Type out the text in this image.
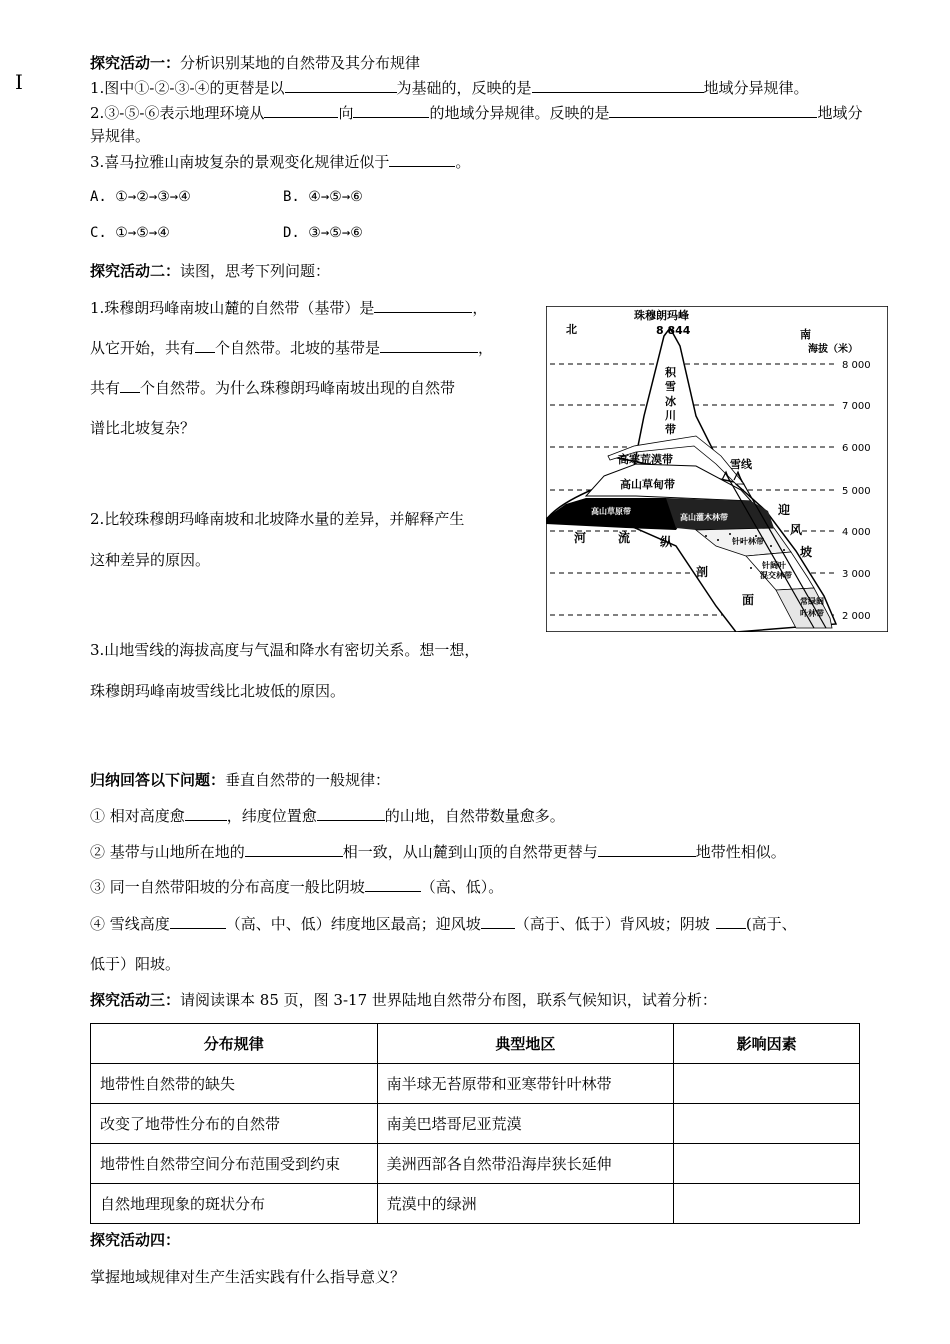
I
探究活动一：分析识别某地的自然带及其分布规律
1.图中①-②-③-④的更替是以	为基础的，反映的是	地域分异规律。
2.③-⑤-⑥表示地理环境从	向	的地域分异规律。反映的是	地域分
异规律。
3.喜马拉雅山南坡复杂的景观变化规律近似于	。
A. ①→②→③→④	B. ④→⑤→⑥
C. ①→⑤→④	D. ③→⑤→⑥
探究活动二：读图，思考下列问题：
1.珠穆朗玛峰南坡山麓的自然带（基带）是	，
从它开始，共有 个自然带。北坡的基带是	，
共有 个自然带。为什么珠穆朗玛峰南坡出现的自然带
谱比北坡复杂？
2.比较珠穆朗玛峰南坡和北坡降水量的差异，并解释产生
这种差异的原因。
3.山地雪线的海拔高度与气温和降水有密切关系。想一想，
珠穆朗玛峰南坡雪线比北坡低的原因。
珠穆朗玛峰
8 844
北	南
海拔（米）
8 000
7 000
6 000
5 000
4 000
3 000
2 000
积
雪
冰
川
带
高寒荒漠带
高山草甸带
高山草原带
高山灌木林带
针叶林带
针阔叶
混交林带
常绿阔
叶林带
雪线
迎
风
坡
河	流 纵
剖
面
归纳回答以下问题：垂直自然带的一般规律：
① 相对高度愈	，纬度位置愈	的山地，自然带数量愈多。
② 基带与山地所在地的	相一致，从山麓到山顶的自然带更替与	地带性相似。
③ 同一自然带阳坡的分布高度一般比阴坡	（高、低）。
④ 雪线高度	（高、中、低）纬度地区最高；迎风坡 （高于、低于）背风坡；阴坡 (高于、
低于）阳坡。
探究活动三：请阅读课本 85 页，图 3-17 世界陆地自然带分布图，联系气候知识，试着分析：
分布规律	典型地区	影响因素
地带性自然带的缺失	南半球无苔原带和亚寒带针叶林带	
改变了地带性分布的自然带	南美巴塔哥尼亚荒漠	
地带性自然带空间分布范围受到约束	美洲西部各自然带沿海岸狭长延伸	
自然地理现象的斑状分布	荒漠中的绿洲	
探究活动四：
掌握地域规律对生产生活实践有什么指导意义？
